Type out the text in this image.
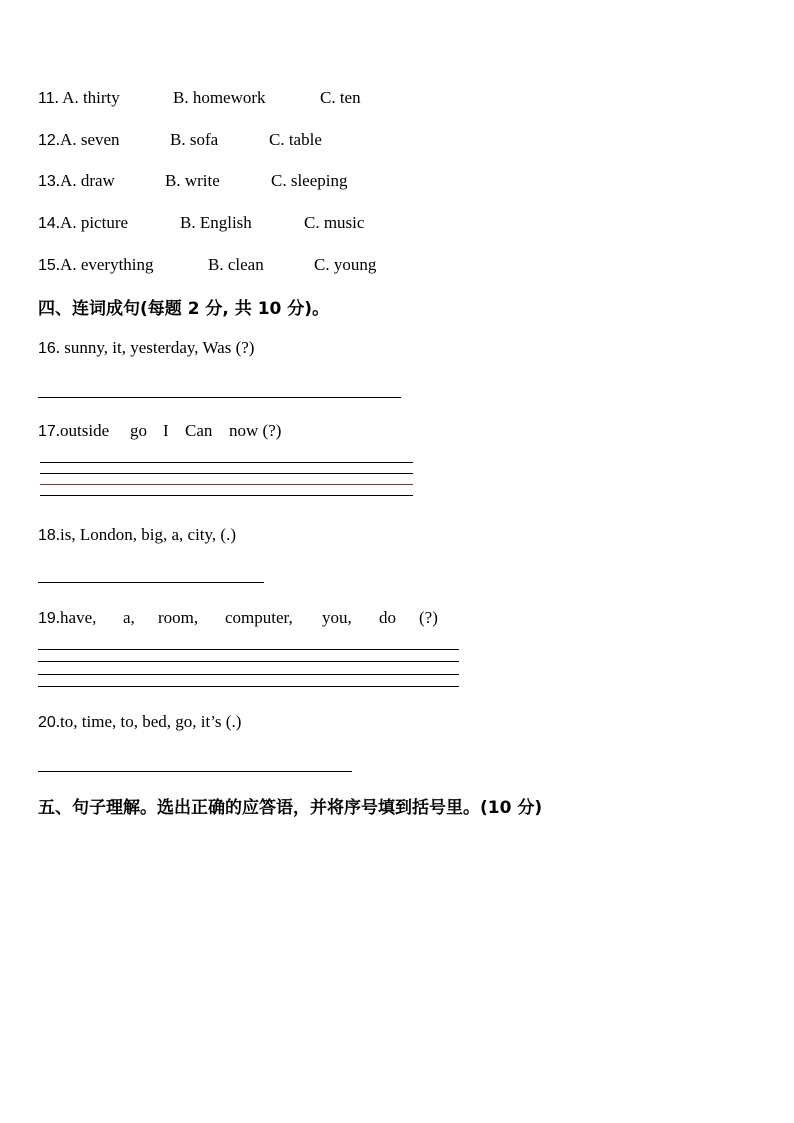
11. A. thirty	B. homework	C. ten
12.A. seven	B. sofa	C. table
13.A. draw	B. write	C. sleeping
14.A. picture	B. English	C. music
15.A. everything	B. clean	C. young
四、连词成句(每题 2 分, 共 10 分)。
16. sunny, it, yesterday, Was (?)
17.outside go I Can now (?)
18.is, London, big, a, city, (.)
19.have, a, room, computer, you, do (?)
20.to, time, to, bed, go, it’s (.)
五、句子理解。选出正确的应答语，并将序号填到括号里。(10 分)
